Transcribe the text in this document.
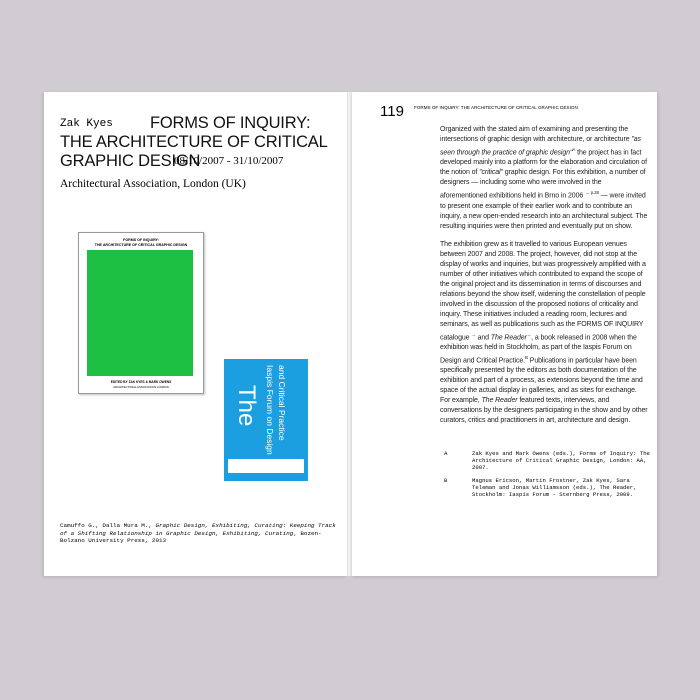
Zak Kyes	FORMS OF INQUIRY:
THE ARCHITECTURE OF CRITICAL
GRAPHIC DESIGN
08/10/2007 - 31/10/2007
Architectural Association, London (UK)
FORMS OF INQUIRY:
THE ARCHITECTURE OF CRITICAL GRAPHIC DESIGN
EDITED BY ZAK KYES & MARK OWENS
ARCHITECTURAL ASSOCIATION LONDON	Iaspis Forum on Design and Critical Practice
The
Camuffo G., Dalla Mura M., Graphic Design, Exhibiting, Curating: Keeping Track of a Shifting Relationship in Graphic Design, Exhibiting, Curating, Bozen-Bolzano University Press, 2013
119 FORMS OF INQUIRY: THE ARCHITECTURE OF CRITICAL GRAPHIC DESIGN

Organized with the stated aim of examining and presenting the intersections of graphic design with architecture, or architecture "as seen through the practice of graphic design"$^A$ the project has in fact developed mainly into a platform for the elaboration and circulation of the notion of "critical" graphic design. For this exhibition, a number of designers — including some who were involved in the aforementioned exhibitions held in Brno in 2006 $^{\to p.28}$ — were invited to present one example of their earlier work and to contribute an inquiry, a new open-ended research into an architectural subject. The resulting inquiries were then printed and eventually put on show.

The exhibition grew as it travelled to various European venues between 2007 and 2008. The project, however, did not stop at the display of works and inquiries, but was progressively amplified with a number of other initiatives which contributed to expand the scope of the original project and its dissemination in terms of discourses and relations beyond the show itself, widening the constellation of people involved in the discussion of the proposed notions of criticality and inquiry. These initiatives included a reading room, lectures and seminars, as well as publications such as the FORMS OF INQUIRY catalogue → and The Reader→, a book released in 2008 when the exhibition was held in Stockholm, as part of the Iaspis Forum on Design and Critical Practice.$^B$ Publications in particular have been specifically presented by the editors as both documentation of the exhibition and part of a process, as extensions beyond the time and space of the actual display in galleries, and as sites for exchange. For example, The Reader featured texts, interviews, and conversations by the designers participating in the show and by other curators, critics and practitioners in art, architecture and design.

A	Zak Kyes and Mark Owens (eds.), Forms of Inquiry: The Architecture of Critical Graphic Design, London: AA, 2007.
B	Magnus Ericson, Martin Frostner, Zak Kyes, Sara Teleman and Jonas Williamsson (eds.), The Reader, Stockholm: Iaspis Forum - Sternberg Press, 2009.
